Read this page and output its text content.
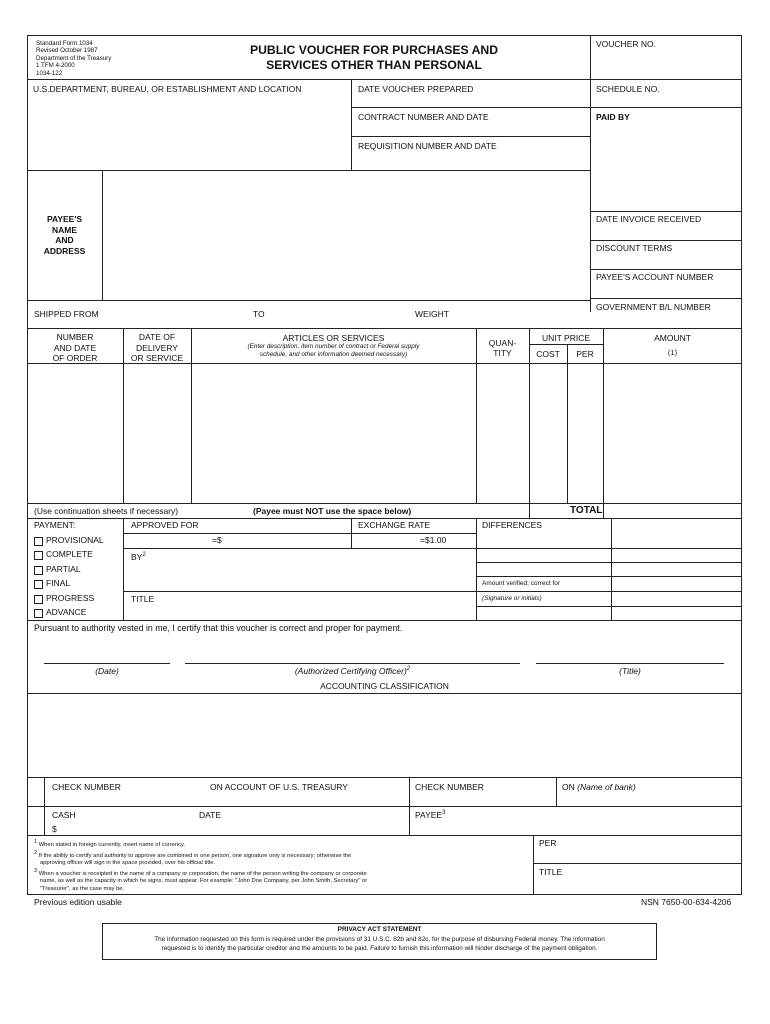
Standard Form 1034
Revised October 1987
Department of the Treasury
1 TFM 4-2000
1034-122
PUBLIC VOUCHER FOR PURCHASES AND
SERVICES OTHER THAN PERSONAL
VOUCHER NO.
U.S.DEPARTMENT, BUREAU, OR ESTABLISHMENT AND LOCATION	DATE VOUCHER PREPARED	SCHEDULE NO.
CONTRACT NUMBER AND DATE	PAID BY
REQUISITION NUMBER AND DATE
PAYEE'S
NAME
AND
ADDRESS
DATE INVOICE RECEIVED
DISCOUNT TERMS
PAYEE'S ACCOUNT NUMBER
GOVERNMENT B/L NUMBER
SHIPPED FROM	TO	WEIGHT
NUMBER
AND DATE
OF ORDER
DATE OF
DELIVERY
OR SERVICE
ARTICLES OR SERVICES
(Enter description, item number of contract or Federal supply
schedule, and other information deemed necessary)
QUAN-
TITY
UNIT PRICE
COST	PER
AMOUNT
(1)
(Use continuation sheets if necessary)	(Payee must NOT use the space below)	TOTAL
PAYMENT:
PROVISIONAL
COMPLETE
PARTIAL
FINAL
PROGRESS
ADVANCE
APPROVED FOR
=$
EXCHANGE RATE
=$1.00
DIFFERENCES
$BY^2$
Amount verified; correct for
TITLE	(Signature or initials)
Pursuant to authority vested in me, I certify that this voucher is correct and proper for payment.
(Date)	(Authorized Certifying Officer)$^2$	(Title)
ACCOUNTING CLASSIFICATION
CHECK NUMBER	ON ACCOUNT OF U.S. TREASURY	CHECK NUMBER	ON (Name of bank)
CASH
$
DATE	PAYEE$^3$
PER
TITLE
$^1$ When stated in foreign currently, insert name of currency.
$^2$ If the ability to certify and authority to approve are combined in one person, one signature only is necessary; otherwise the
approving officer will sign in the space provided, over his official title.
$^3$ When a voucher is receipted in the name of a company or corporation, the name of the person writing the company or corporate
name, as well as the capacity in which he signs, must appear. For example: "John Doe Company, per John Smith, Secretary" or
"Treasurer", as the case may be.
Previous edition usable	NSN 7650-00-634-4206
PRIVACY ACT STATEMENT
The information requested on this form is required under the provisions of 31 U.S.C. 82b and 82c, for the purpose of disbursing Federal money. The information
requested is to identify the particular creditor and the amounts to be paid. Failure to furnish this information will hinder discharge of the payment obligation.
